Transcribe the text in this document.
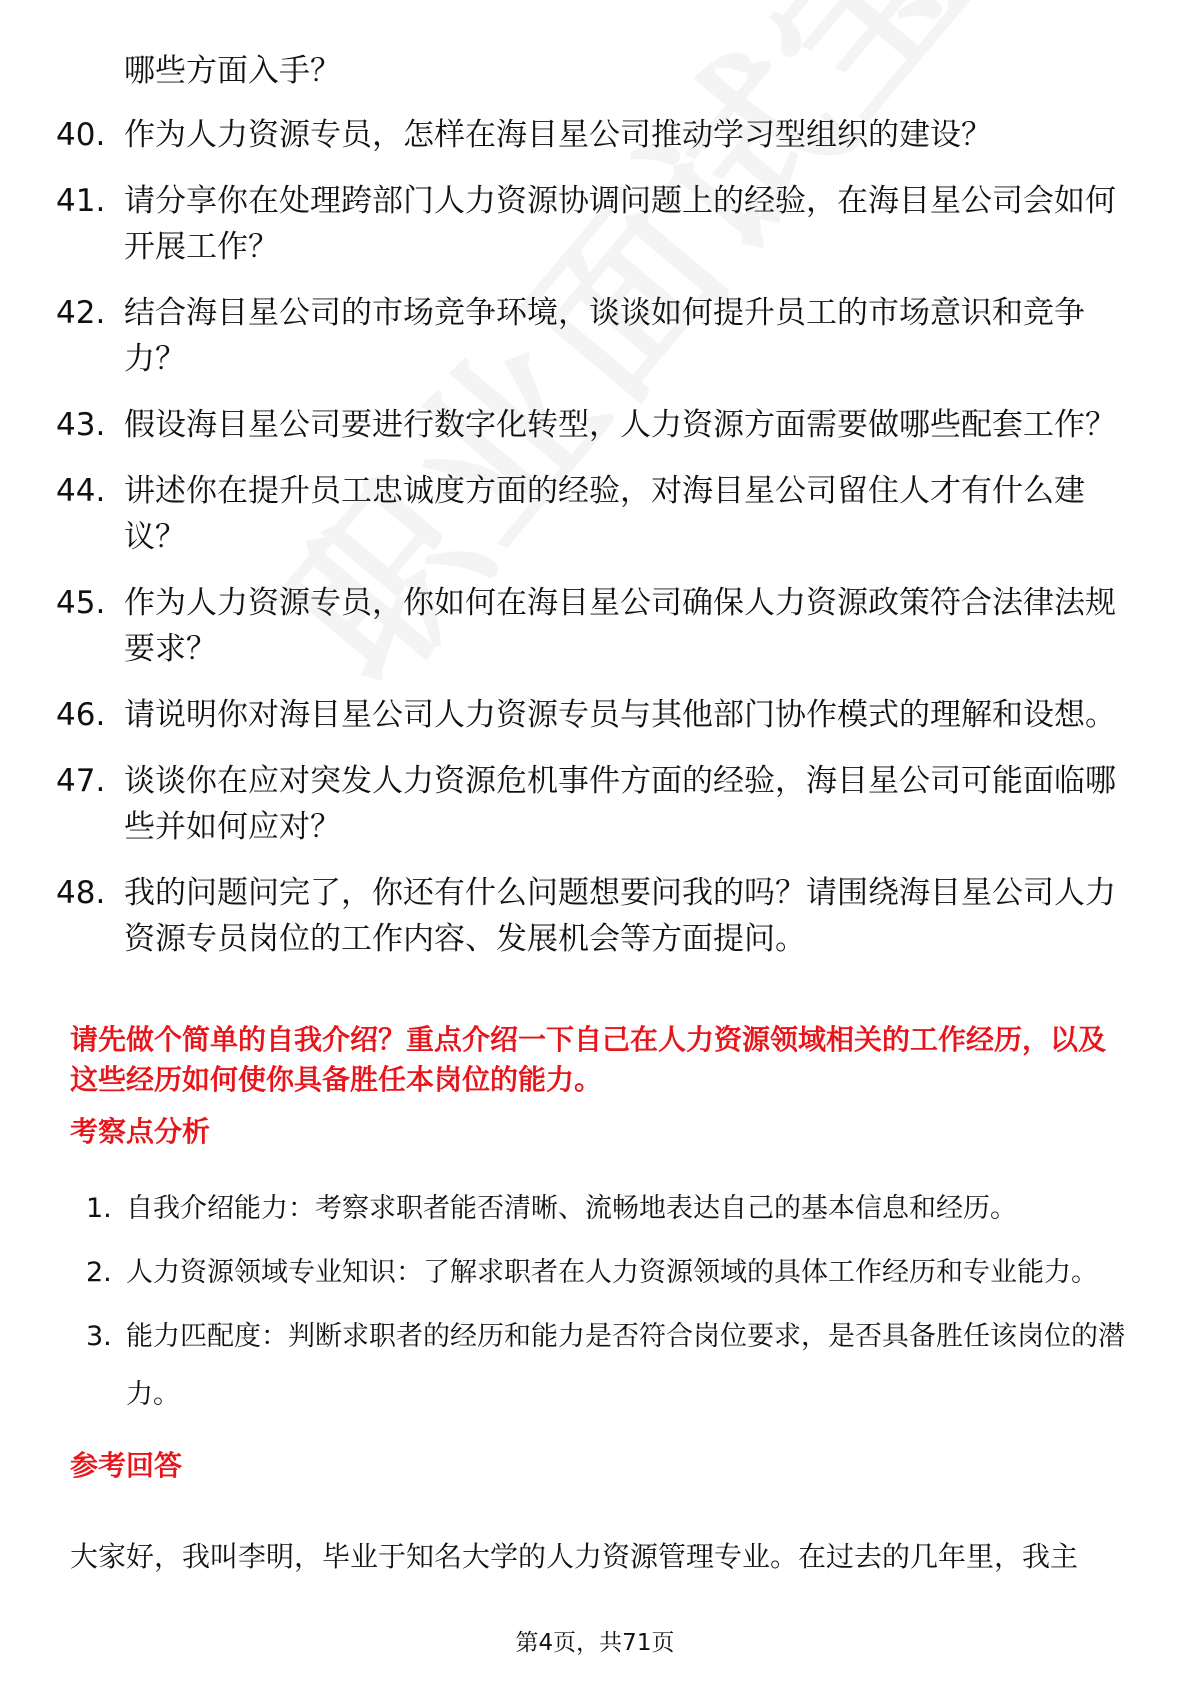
哪些方面入手？
40. 作为人力资源专员，怎样在海目星公司推动学习型组织的建设？
41. 请分享你在处理跨部门人力资源协调问题上的经验，在海目星公司会如何开展工作？
42. 结合海目星公司的市场竞争环境，谈谈如何提升员工的市场意识和竞争力？
43. 假设海目星公司要进行数字化转型，人力资源方面需要做哪些配套工作？
44. 讲述你在提升员工忠诚度方面的经验，对海目星公司留住人才有什么建议？
45. 作为人力资源专员，你如何在海目星公司确保人力资源政策符合法律法规要求？
46. 请说明你对海目星公司人力资源专员与其他部门协作模式的理解和设想。
47. 谈谈你在应对突发人力资源危机事件方面的经验，海目星公司可能面临哪些并如何应对？
48. 我的问题问完了，你还有什么问题想要问我的吗？请围绕海目星公司人力资源专员岗位的工作内容、发展机会等方面提问。
请先做个简单的自我介绍？重点介绍一下自己在人力资源领域相关的工作经历，以及这些经历如何使你具备胜任本岗位的能力。
考察点分析
1. 自我介绍能力：考察求职者能否清晰、流畅地表达自己的基本信息和经历。
2. 人力资源领域专业知识：了解求职者在人力资源领域的具体工作经历和专业能力。
3. 能力匹配度：判断求职者的经历和能力是否符合岗位要求，是否具备胜任该岗位的潜力。
参考回答
大家好，我叫李明，毕业于知名大学的人力资源管理专业。在过去的几年里，我主
第4页，共71页
